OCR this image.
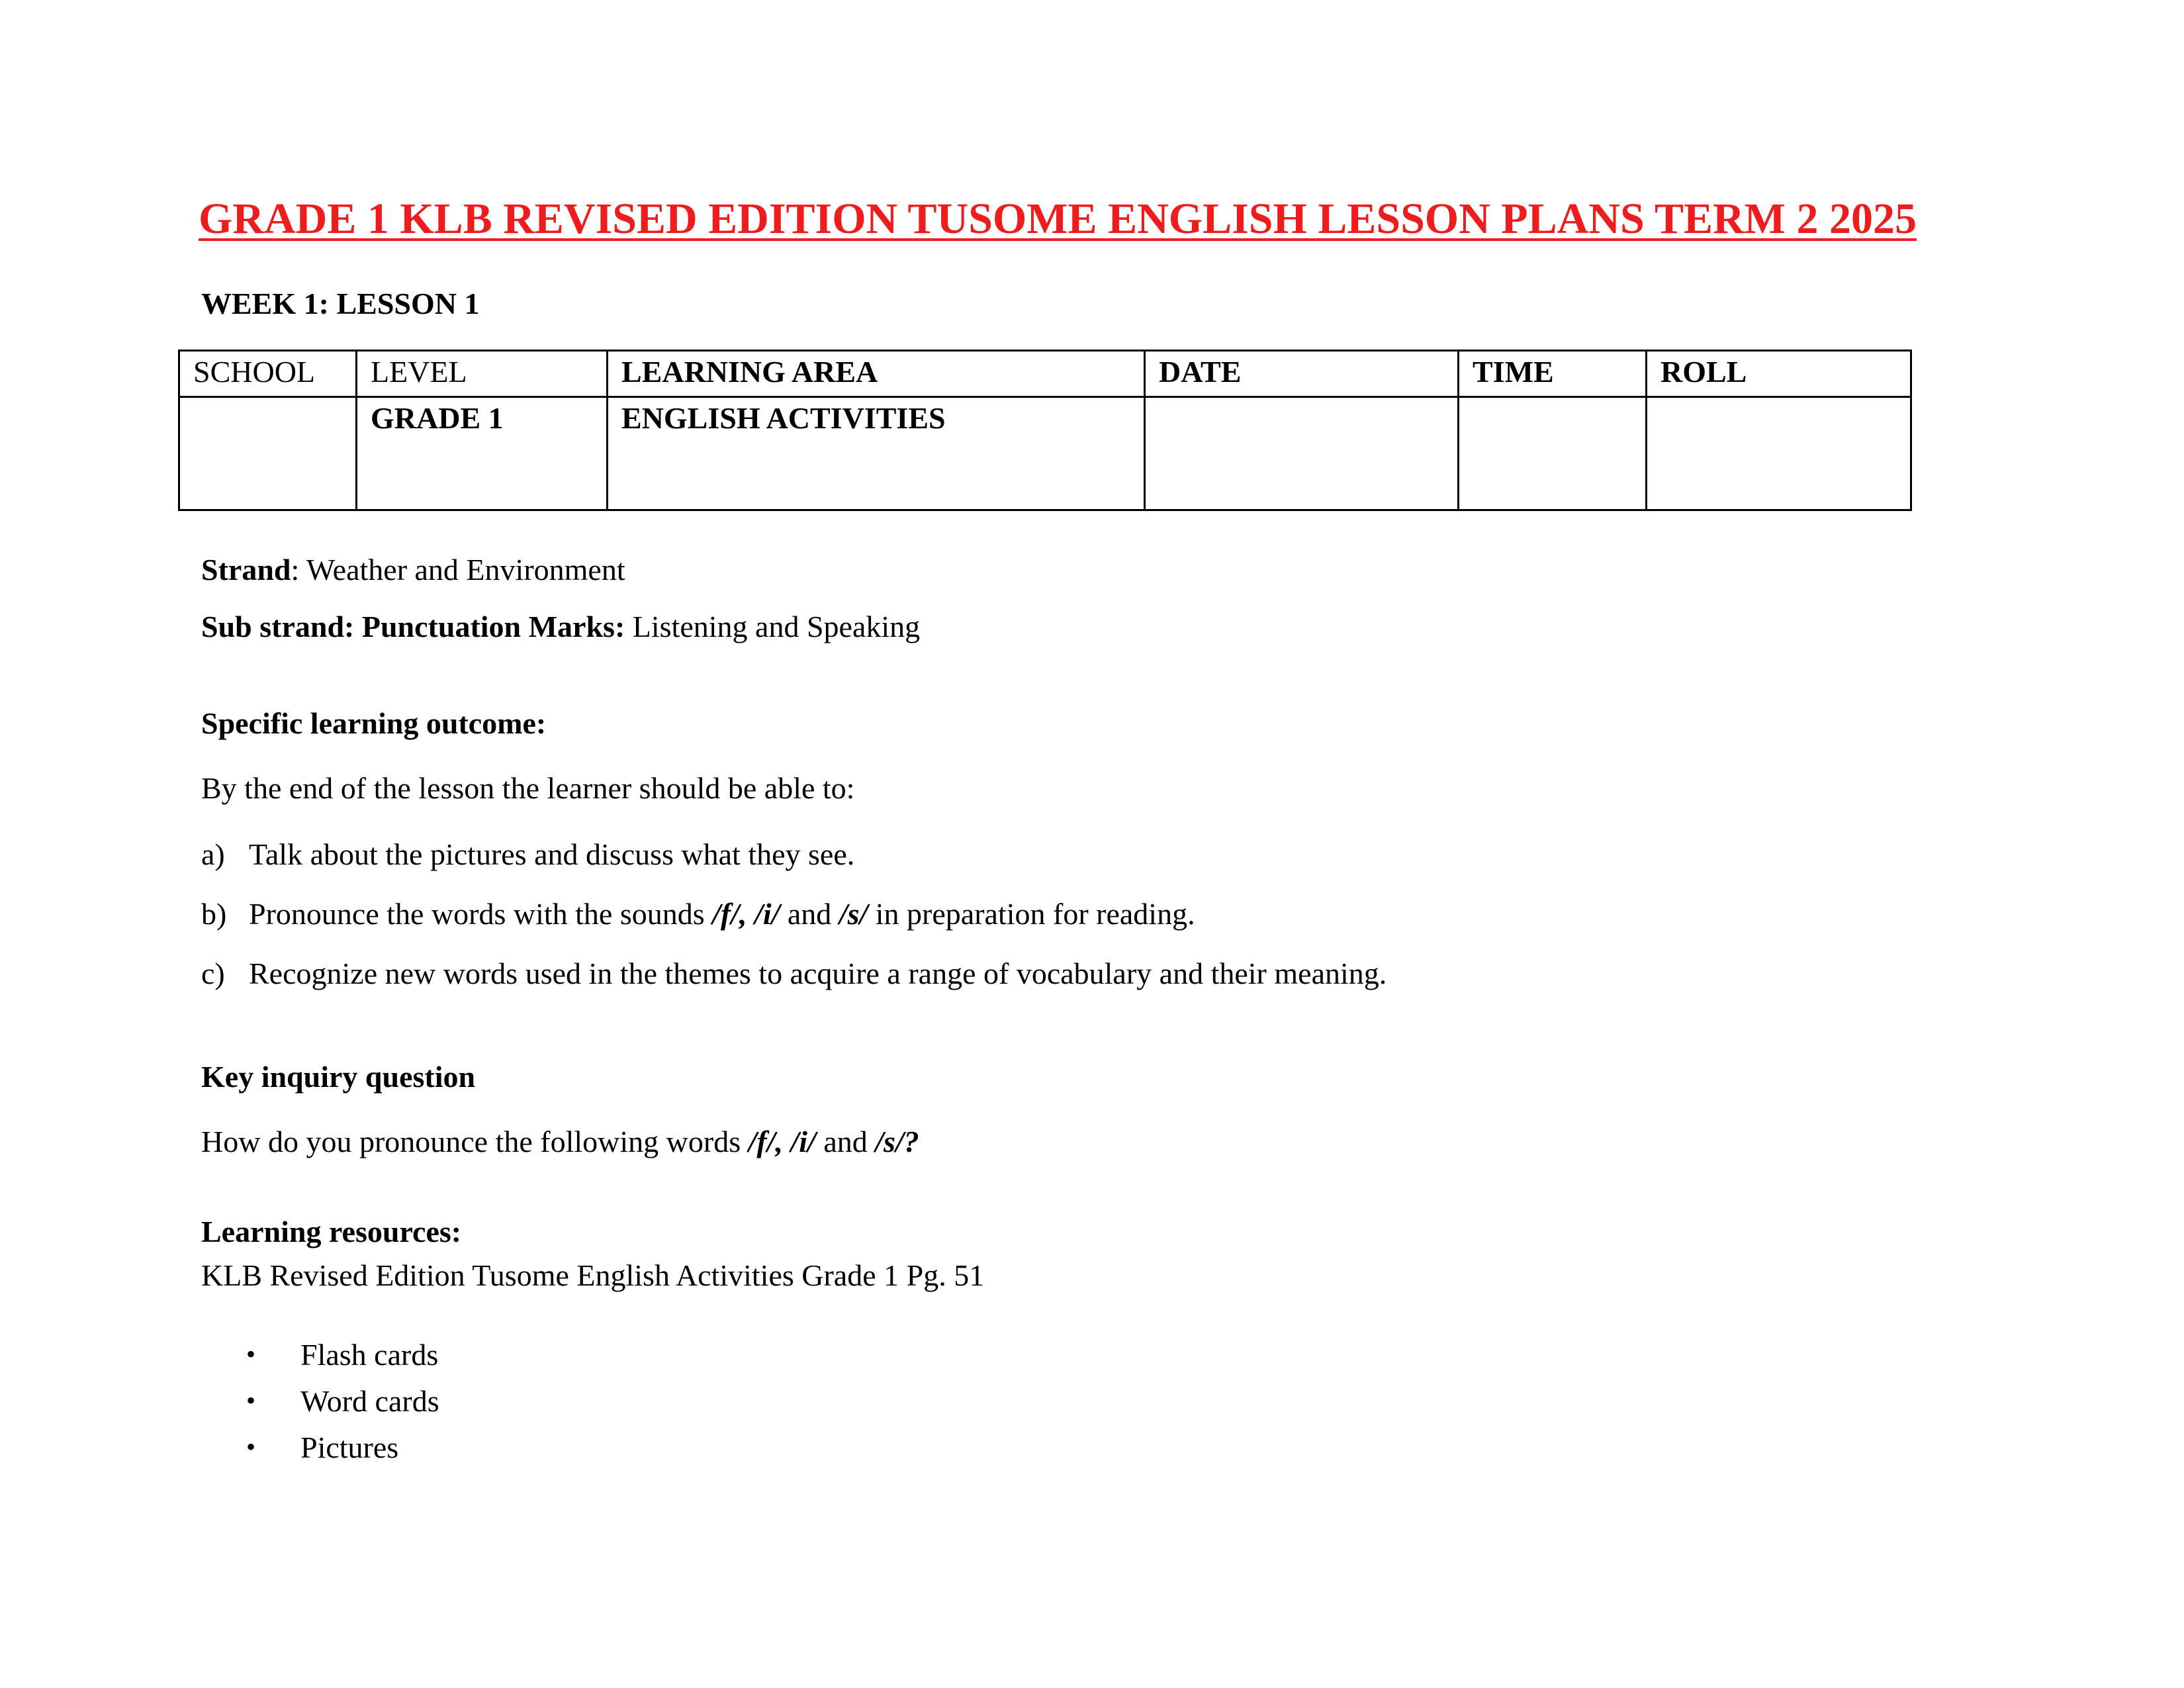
GRADE 1 KLB REVISED EDITION TUSOME ENGLISH LESSON PLANS TERM 2 2025
WEEK 1: LESSON 1
SCHOOL	LEVEL	LEARNING AREA	DATE	TIME	ROLL
	GRADE 1	ENGLISH ACTIVITIES			
Strand: Weather and Environment
Sub strand: Punctuation Marks: Listening and Speaking
Specific learning outcome:
By the end of the lesson the learner should be able to:
a) Talk about the pictures and discuss what they see.
b) Pronounce the words with the sounds /f/, /i/ and /s/ in preparation for reading.
c) Recognize new words used in the themes to acquire a range of vocabulary and their meaning.
Key inquiry question
How do you pronounce the following words /f/, /i/ and /s/?
Learning resources:
KLB Revised Edition Tusome English Activities Grade 1 Pg. 51
• Flash cards
• Word cards
• Pictures
